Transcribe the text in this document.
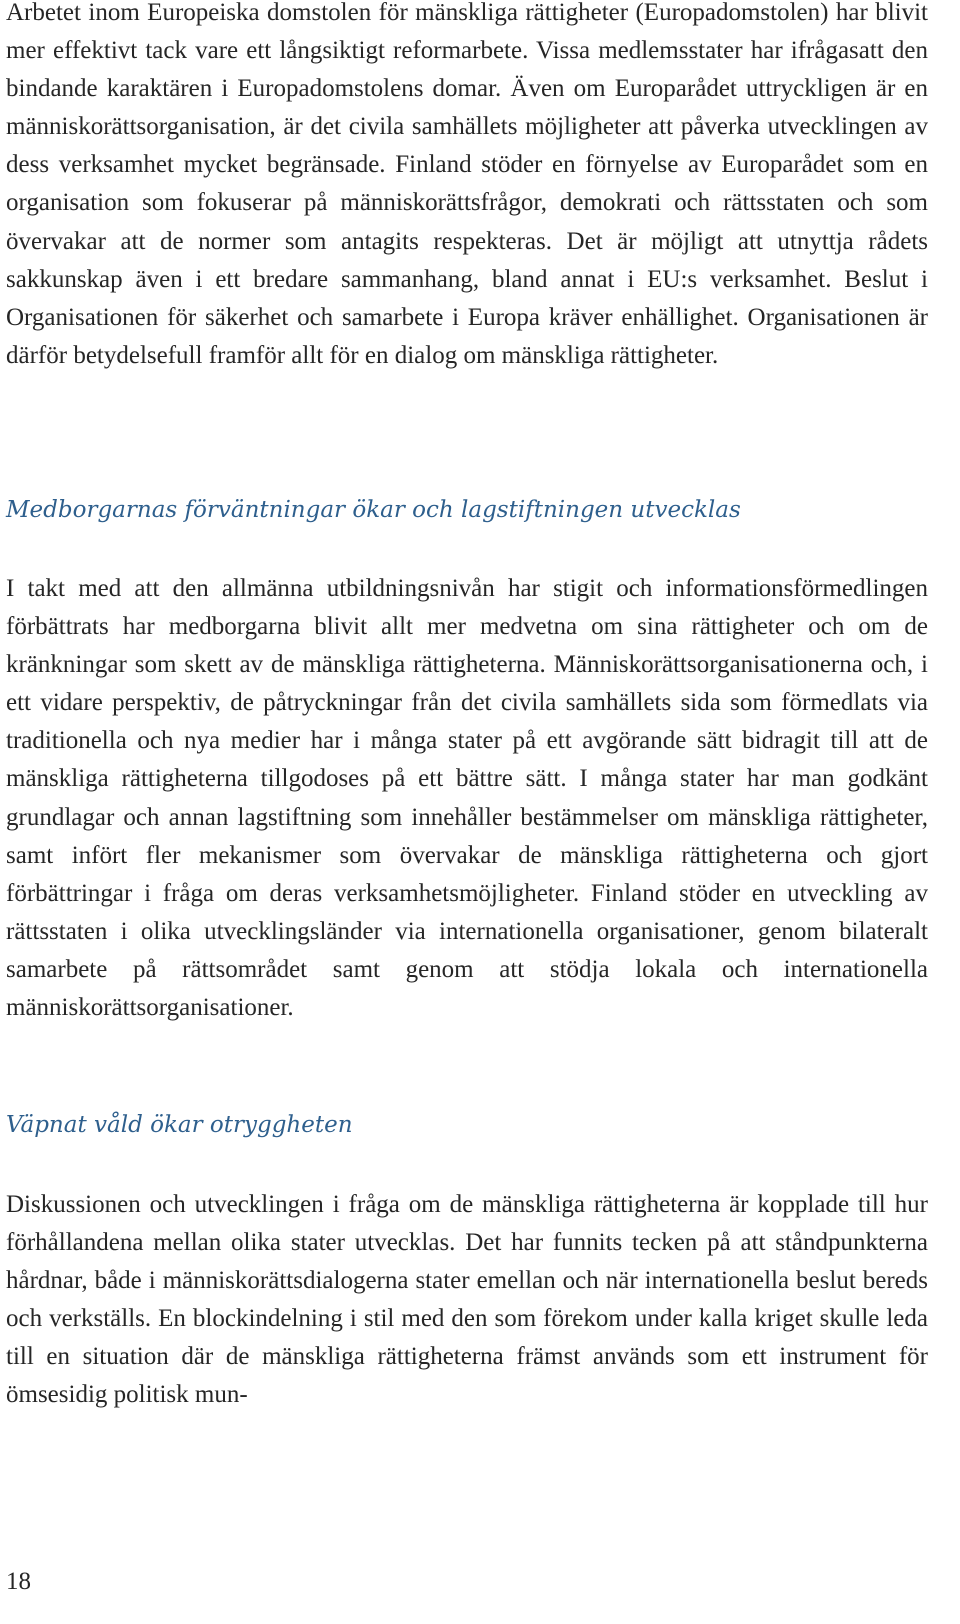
Arbetet inom Europeiska domstolen för mänskliga rättigheter (Europadomstolen) har blivit mer effektivt tack vare ett långsiktigt reformarbete. Vissa medlemsstater har ifrågasatt den bindande karaktären i Europadomstolens domar. Även om Europarådet uttryckligen är en människorättsorganisation, är det civila samhällets möjligheter att påverka utvecklingen av dess verksamhet mycket begränsade. Finland stöder en förnyelse av Europarådet som en organisation som fokuserar på människorättsfrågor, demokrati och rättsstaten och som övervakar att de normer som antagits respekteras. Det är möjligt att utnyttja rådets sakkunskap även i ett bredare sammanhang, bland annat i EU:s verksamhet. Beslut i Organisationen för säkerhet och samarbete i Europa kräver enhällighet. Organisationen är därför betydelsefull framför allt för en dialog om mänskliga rättigheter.

Medborgarnas förväntningar ökar och lagstiftningen utvecklas

I takt med att den allmänna utbildningsnivån har stigit och informationsförmedlingen förbättrats har medborgarna blivit allt mer medvetna om sina rättigheter och om de kränkningar som skett av de mänskliga rättigheterna. Människorättsorganisationerna och, i ett vidare perspektiv, de påtryckningar från det civila samhällets sida som förmedlats via traditionella och nya medier har i många stater på ett avgörande sätt bidragit till att de mänskliga rättigheterna tillgodoses på ett bättre sätt. I många stater har man godkänt grundlagar och annan lagstiftning som innehåller bestämmelser om mänskliga rättigheter, samt infört fler mekanismer som övervakar de mänskliga rättigheterna och gjort förbättringar i fråga om deras verksamhetsmöjligheter. Finland stöder en utveckling av rättsstaten i olika utvecklingsländer via internationella organisationer, genom bilateralt samarbete på rättsområdet samt genom att stödja lokala och internationella människorättsorganisationer.

Väpnat våld ökar otryggheten

Diskussionen och utvecklingen i fråga om de mänskliga rättigheterna är kopplade till hur förhållandena mellan olika stater utvecklas. Det har funnits tecken på att ståndpunkterna hårdnar, både i människorättsdialogerna stater emellan och när internationella beslut bereds och verkställs. En blockindelning i stil med den som förekom under kalla kriget skulle leda till en situation där de mänskliga rättigheterna främst används som ett instrument för ömsesidig politisk mun-

18
